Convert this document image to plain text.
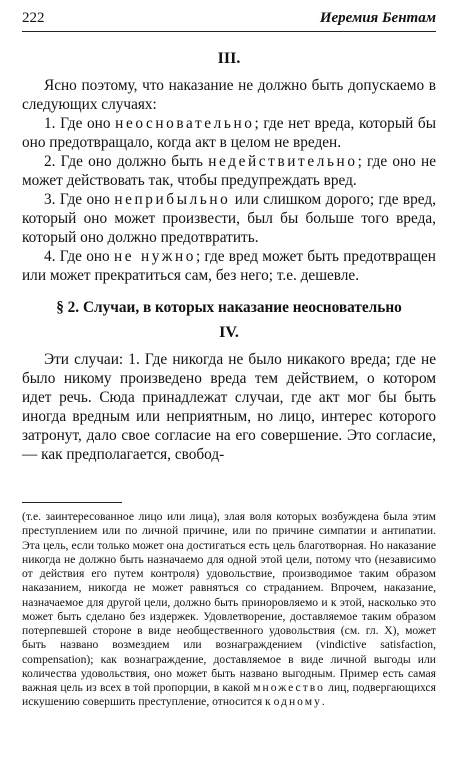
222	Иеремия Бентам
III.

Ясно поэтому, что наказание не должно быть допускаемо в следующих случаях:

1. Где оно неосновательно; где нет вреда, который бы оно предотвращало, когда акт в целом не вреден.

2. Где оно должно быть недействительно; где оно не может действовать так, чтобы предупреждать вред.

3. Где оно неприбыльно или слишком дорого; где вред, который оно может произвести, был бы больше того вреда, который оно должно предотвратить.

4. Где оно не нужно; где вред может быть предотвращен или может прекратиться сам, без него; т.е. дешевле.

§ 2. Случаи, в которых наказание неосновательно
IV.

Эти случаи: 1. Где никогда не было никакого вреда; где не было никому произведено вреда тем действием, о котором идет речь. Сюда принадлежат случаи, где акт мог бы быть иногда вредным или неприятным, но лицо, интерес которого затронут, дало свое согласие на его совершение. Это согласие, — как предполагается, свобод-

(т.е. заинтересованное лицо или лица), злая воля которых возбуждена была этим преступлением или по личной причине, или по причине симпатии и антипатии. Эта цель, если только может она достигаться есть цель благотворная. Но наказание никогда не должно быть назначаемо для одной этой цели, потому что (независимо от действия его путем контроля) удовольствие, производимое таким образом наказанием, никогда не может равняться со страданием. Впрочем, наказание, назначаемое для другой цели, должно быть приноровляемо и к этой, насколько это может быть сделано без издержек. Удовлетворение, доставляемое таким образом потерпевшей стороне в виде необщественного удовольствия (см. гл. X), может быть названо возмездием или вознаграждением (vindictive satisfaction, compensation); как вознаграждение, доставляемое в виде личной выгоды или количества удовольствия, оно может быть названо выгодным. Пример есть самая важная цель из всех в той пропорции, в какой множество лиц, подвергающихся искушению совершить преступление, относится к одному.
